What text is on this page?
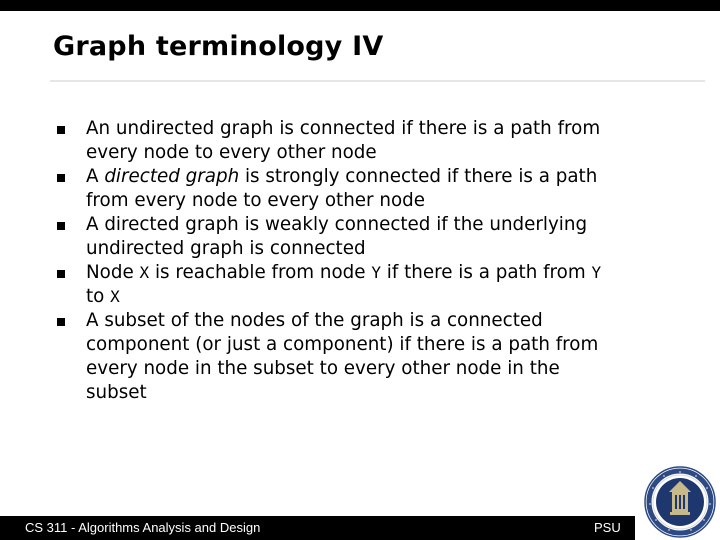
Graph terminology IV
An undirected graph is connected if there is a path from
every node to every other node
A directed graph is strongly connected if there is a path
from every node to every other node
A directed graph is weakly connected if the underlying
undirected graph is connected
Node X is reachable from node Y if there is a path from Y
to X
A subset of the nodes of the graph is a connected
component (or just a component) if there is a path from
every node in the subset to every other node in the
subset
CS 311 - Algorithms Analysis and Design	PSU
